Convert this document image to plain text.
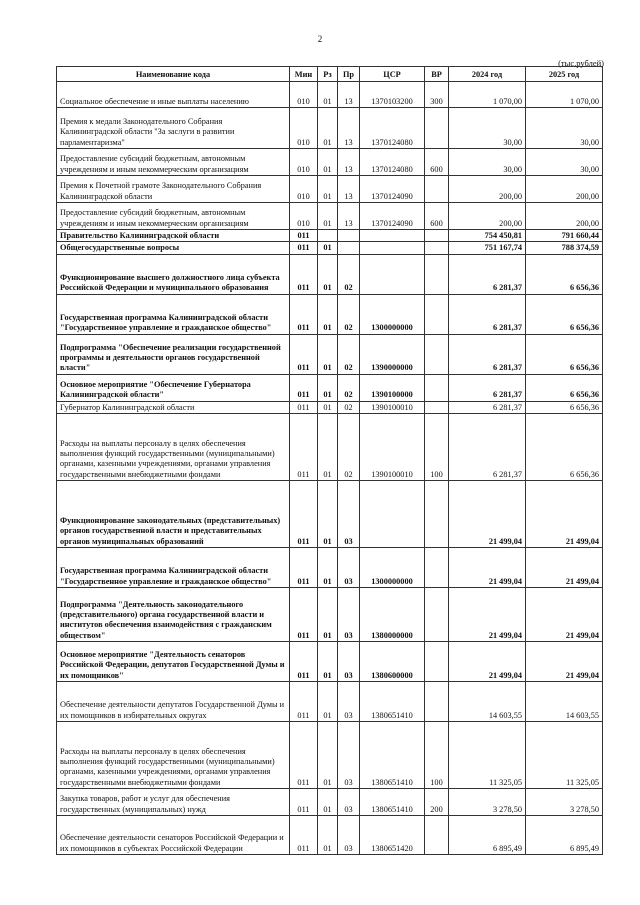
2
(тыс.рублей)
Наименование кода	Мин	Рз	Пр	ЦСР	ВР	2024 год	2025 год
Социальное обеспечение и иные выплаты населению	010	01	13	1370103200	300	1 070,00	1 070,00
Премия к медали Законодательного Собрания Калининградской области "За заслуги в развитии парламентаризма"	010	01	13	1370124080		30,00	30,00
Предоставление субсидий бюджетным, автономным учреждениям и иным некоммерческим организациям	010	01	13	1370124080	600	30,00	30,00
Премия к Почетной грамоте Законодательного Собрания Калининградской области	010	01	13	1370124090		200,00	200,00
Предоставление субсидий бюджетным, автономным учреждениям и иным некоммерческим организациям	010	01	13	1370124090	600	200,00	200,00
Правительство Калининградской области	011					754 450,81	791 660,44
Общегосударственные вопросы	011	01				751 167,74	788 374,59
Функционирование высшего должностного лица субъекта Российской Федерации и муниципального образования	011	01	02			6 281,37	6 656,36
Государственная программа Калининградской области "Государственное управление и гражданское общество"	011	01	02	1300000000		6 281,37	6 656,36
Подпрограмма "Обеспечение реализации государственной программы и деятельности органов государственной власти"	011	01	02	1390000000		6 281,37	6 656,36
Основное мероприятие "Обеспечение Губернатора Калининградской области"	011	01	02	1390100000		6 281,37	6 656,36
Губернатор Калининградской области	011	01	02	1390100010		6 281,37	6 656,36
Расходы на выплаты персоналу в целях обеспечения выполнения функций государственными (муниципальными) органами, казенными учреждениями, органами управления государственными внебюджетными фондами	011	01	02	1390100010	100	6 281,37	6 656,36
Функционирование законодательных (представительных) органов государственной власти и представительных органов муниципальных образований	011	01	03			21 499,04	21 499,04
Государственная программа Калининградской области "Государственное управление и гражданское общество"	011	01	03	1300000000		21 499,04	21 499,04
Подпрограмма "Деятельность законодательного (представительного) органа государственной власти и институтов обеспечения взаимодействия с гражданским обществом"	011	01	03	1380000000		21 499,04	21 499,04
Основное мероприятие "Деятельность сенаторов Российской Федерации, депутатов Государственной Думы и их помощников"	011	01	03	1380600000		21 499,04	21 499,04
Обеспечение деятельности депутатов Государственной Думы и их помощников в избирательных округах	011	01	03	1380651410		14 603,55	14 603,55
Расходы на выплаты персоналу в целях обеспечения выполнения функций государственными (муниципальными) органами, казенными учреждениями, органами управления государственными внебюджетными фондами	011	01	03	1380651410	100	11 325,05	11 325,05
Закупка товаров, работ и услуг для обеспечения государственных (муниципальных) нужд	011	01	03	1380651410	200	3 278,50	3 278,50
Обеспечение деятельности сенаторов Российской Федерации и их помощников в субъектах Российской Федерации	011	01	03	1380651420		6 895,49	6 895,49
